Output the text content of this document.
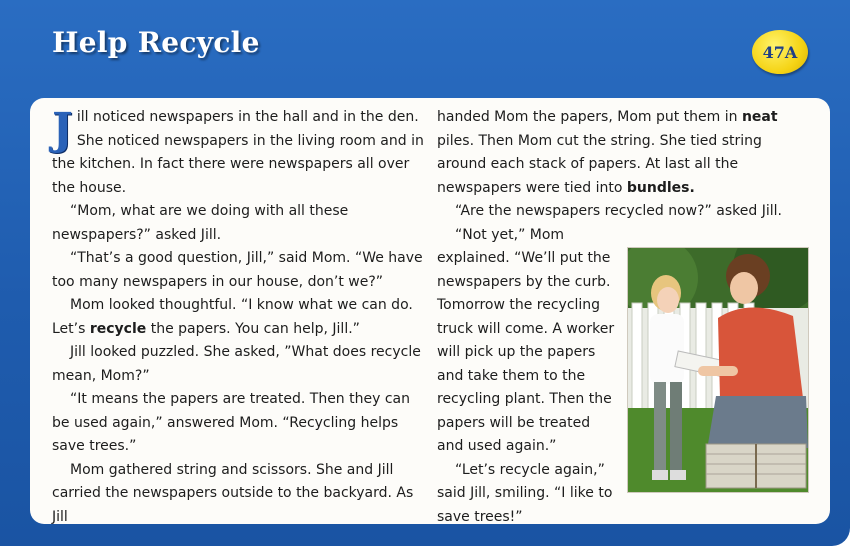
Help Recycle	47A

Jill noticed newspapers in the hall and in the den. She noticed newspapers in the living room and in the kitchen. In fact there were newspapers all over the house.

“Mom, what are we doing with all these newspapers?” asked Jill.

“That’s a good question, Jill,” said Mom. “We have too many newspapers in our house, don’t we?”

Mom looked thoughtful. “I know what we can do. Let’s recycle the papers. You can help, Jill.”

Jill looked puzzled. She asked, ”What does recycle mean, Mom?”

“It means the papers are treated. Then they can be used again,” answered Mom. “Recycling helps save trees.”

Mom gathered string and scissors. She and Jill carried the newspapers outside to the backyard. As Jill

handed Mom the papers, Mom put them in neat piles. Then Mom cut the string. She tied string around each stack of papers. At last all the newspapers were tied into bundles.

“Are the newspapers recycled now?” asked Jill.

“Not yet,” Mom explained. “We’ll put the newspapers by the curb. Tomorrow the recycling truck will come. A worker will pick up the papers and take them to the recycling plant. Then the papers will be treated and used again.”

“Let’s recycle again,” said Jill, smiling. “I like to save trees!”
